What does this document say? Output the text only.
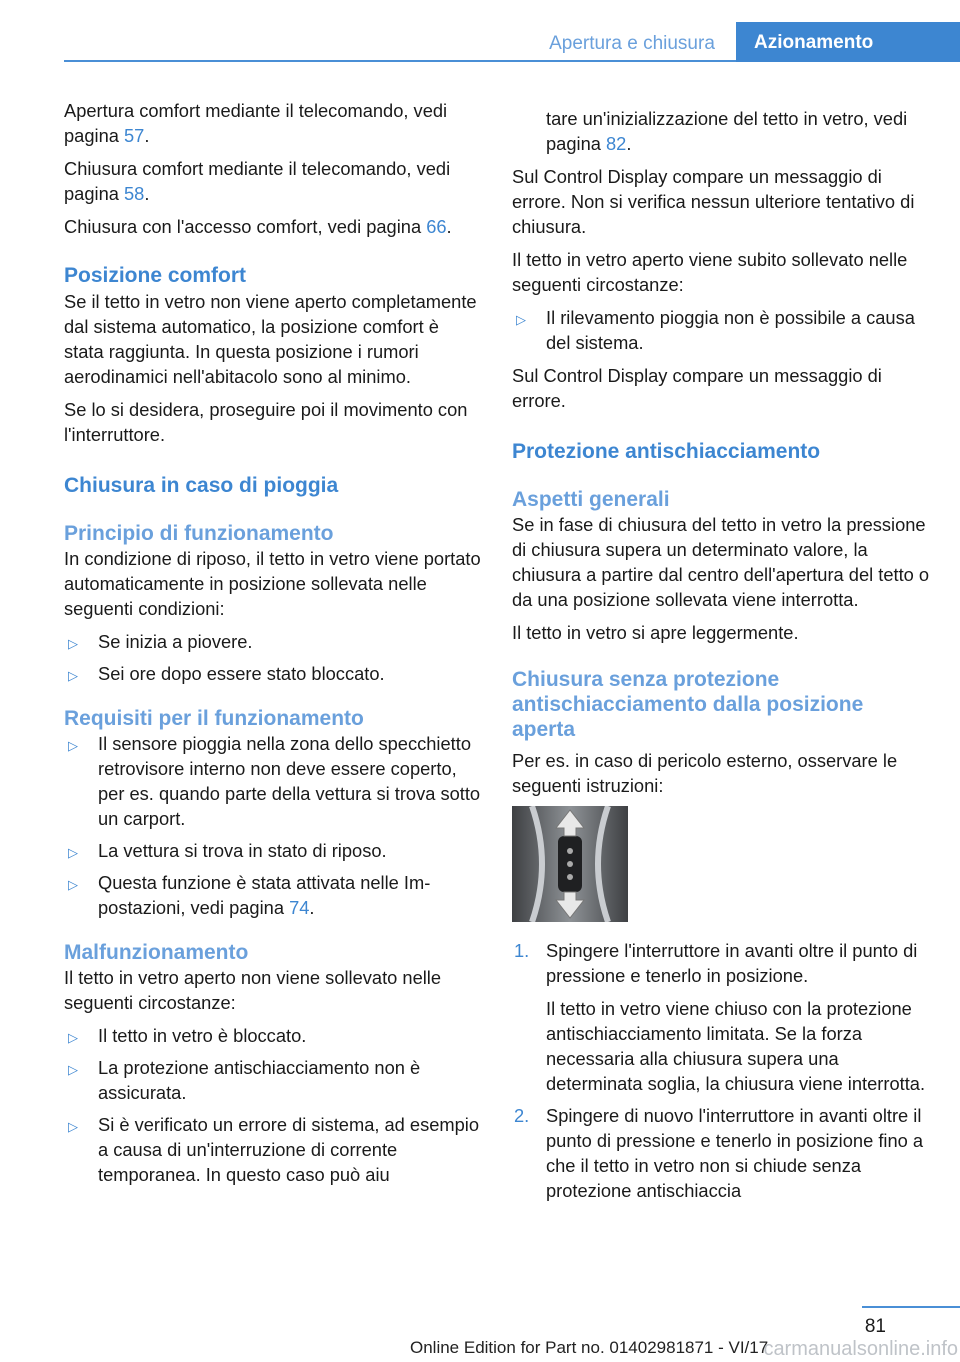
Apertura e chiusura	Azionamento

Apertura comfort mediante il telecomando, vedi pagina 57.

Chiusura comfort mediante il telecomando, vedi pagina 58.

Chiusura con l'accesso comfort, vedi pagina 66.

Posizione comfort

Se il tetto in vetro non viene aperto completamente dal sistema automatico, la posizione comfort è stata raggiunta. In questa posizione i rumori aerodinamici nell'abitacolo sono al minimo.

Se lo si desidera, proseguire poi il movimento con l'interruttore.

Chiusura in caso di pioggia
Principio di funzionamento

In condizione di riposo, il tetto in vetro viene portato automaticamente in posizione sollevata nelle seguenti condizioni:

▷ Se inizia a piovere.
▷ Sei ore dopo essere stato bloccato.
Requisiti per il funzionamento
▷ Il sensore pioggia nella zona dello specchietto retrovisore interno non deve essere coperto, per es. quando parte della vettura si trova sotto un carport.
▷ La vettura si trova in stato di riposo.
▷ Questa funzione è stata attivata nelle Impostazioni, vedi pagina 74.
Malfunzionamento

Il tetto in vetro aperto non viene sollevato nelle seguenti circostanze:

▷ Il tetto in vetro è bloccato.
▷ La protezione antischiacciamento non è assicurata.
▷ Si è verificato un errore di sistema, ad esempio a causa di un'interruzione di corrente temporanea. In questo caso può aiu

tare un'inizializzazione del tetto in vetro, vedi pagina 82.

Sul Control Display compare un messaggio di errore. Non si verifica nessun ulteriore tentativo di chiusura.

Il tetto in vetro aperto viene subito sollevato nelle seguenti circostanze:

▷ Il rilevamento pioggia non è possibile a causa del sistema.

Sul Control Display compare un messaggio di errore.

Protezione antischiacciamento
Aspetti generali

Se in fase di chiusura del tetto in vetro la pressione di chiusura supera un determinato valore, la chiusura a partire dal centro dell'apertura del tetto o da una posizione sollevata viene interrotta.

Il tetto in vetro si apre leggermente.

Chiusura senza protezione antischiacciamento dalla posizione aperta

Per es. in caso di pericolo esterno, osservare le seguenti istruzioni:

1. Spingere l'interruttore in avanti oltre il punto di pressione e tenerlo in posizione.

Il tetto in vetro viene chiuso con la protezione antischiacciamento limitata. Se la forza necessaria alla chiusura supera una determinata soglia, la chiusura viene interrotta.

2. Spingere di nuovo l'interruttore in avanti oltre il punto di pressione e tenerlo in posizione fino a che il tetto in vetro non si chiude senza protezione antischiaccia

81
Online Edition for Part no. 01402981871 - VI/17
carmanualsonline.info
